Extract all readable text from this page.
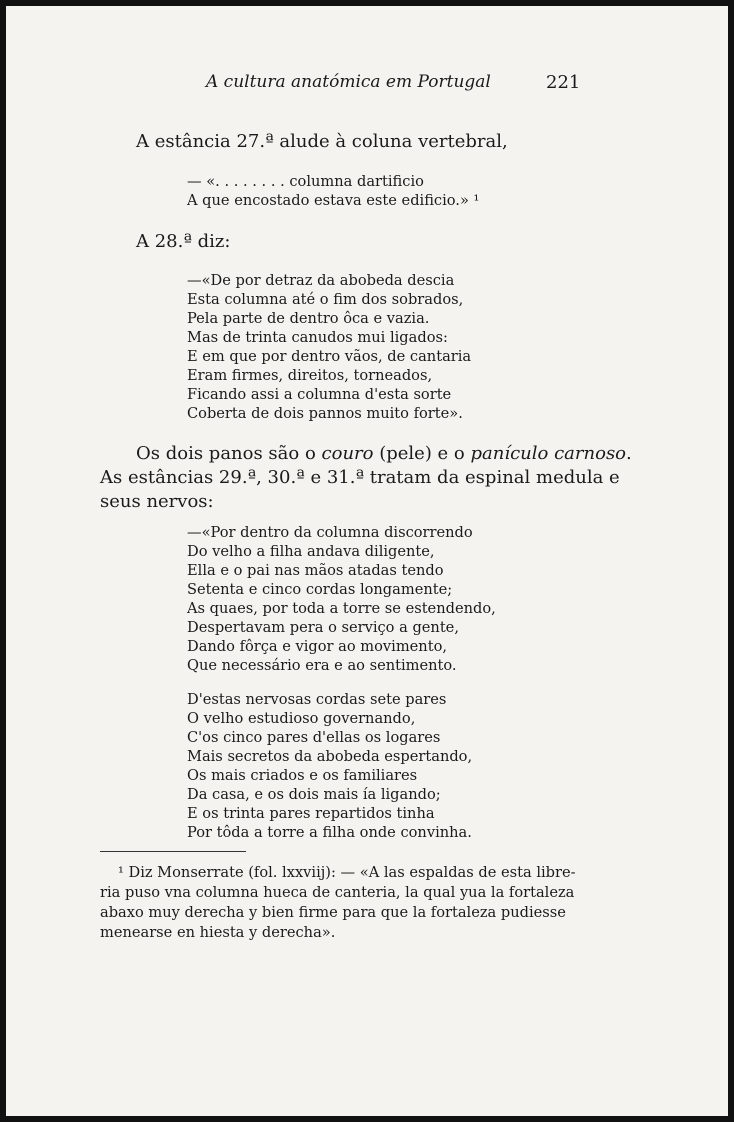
A cultura anatómica em Portugal	221
A estância 27.ª alude à coluna vertebral,
— «. . . . . . . . columna dartificio
A que encostado estava este edificio.» ¹
A 28.ª diz:
—«De por detraz da abobeda descia
Esta columna até o fim dos sobrados,
Pela parte de dentro ôca e vazia.
Mas de trinta canudos mui ligados:
E em que por dentro vãos, de cantaria
Eram firmes, direitos, torneados,
Ficando assi a columna d'esta sorte
Coberta de dois pannos muito forte».
Os dois panos são o couro (pele) e o panículo carnoso.
As estâncias 29.ª, 30.ª e 31.ª tratam da espinal medula e
seus nervos:
—«Por dentro da columna discorrendo
Do velho a filha andava diligente,
Ella e o pai nas mãos atadas tendo
Setenta e cinco cordas longamente;
As quaes, por toda a torre se estendendo,
Despertavam pera o serviço a gente,
Dando fôrça e vigor ao movimento,
Que necessário era e ao sentimento.
D'estas nervosas cordas sete pares
O velho estudioso governando,
C'os cinco pares d'ellas os logares
Mais secretos da abobeda espertando,
Os mais criados e os familiares
Da casa, e os dois mais ía ligando;
E os trinta pares repartidos tinha
Por tôda a torre a filha onde convinha.
¹ Diz Monserrate (fol. lxxviij): — «A las espaldas de esta libre-
ria puso vna columna hueca de canteria, la qual yua la fortaleza
abaxo muy derecha y bien firme para que la fortaleza pudiesse
menearse en hiesta y derecha».
